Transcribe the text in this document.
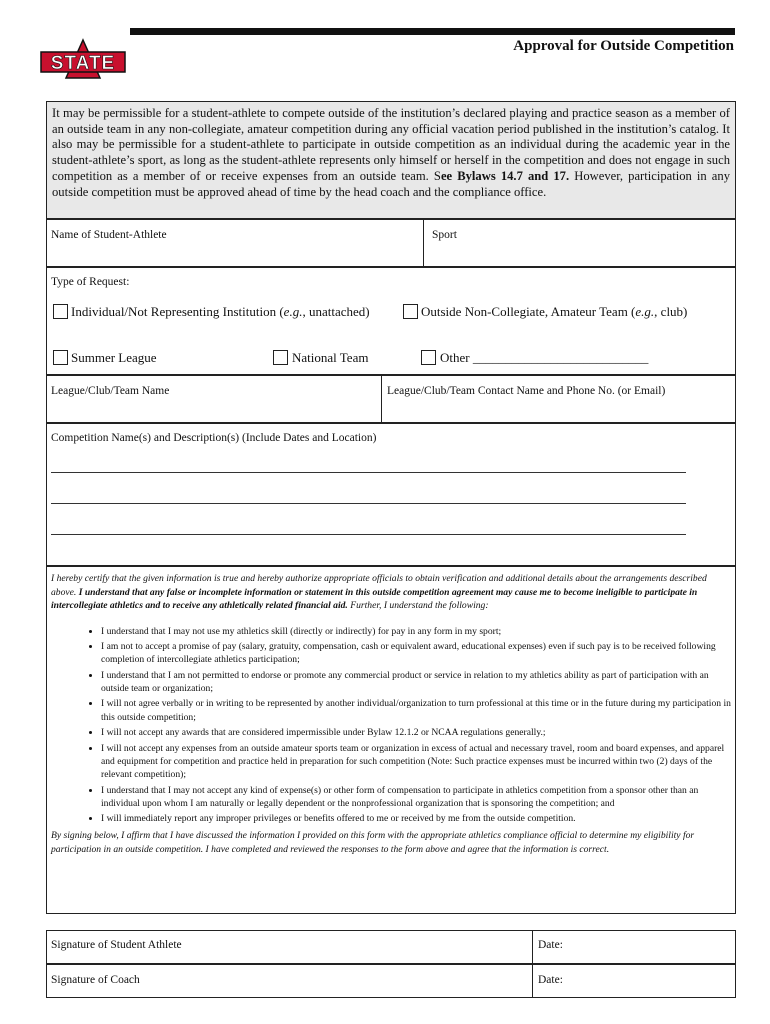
STATE
Approval for Outside Competition
It may be permissible for a student-athlete to compete outside of the institution’s declared playing and practice season as a member of an outside team in any non-collegiate, amateur competition during any official vacation period published in the institution’s catalog. It also may be permissible for a student-athlete to participate in outside competition as an individual during the academic year in the student-athlete’s sport, as long as the student-athlete represents only himself or herself in the competition and does not engage in such competition as a member of or receive expenses from an outside team. See Bylaws 14.7 and 17. However, participation in any outside competition must be approved ahead of time by the head coach and the compliance office.
Name of Student-Athlete	Sport
Type of Request:
Individual/Not Representing Institution (e.g., unattached)	Outside Non-Collegiate, Amateur Team (e.g., club)
Summer League	National Team	Other ___________________________
League/Club/Team Name	League/Club/Team Contact Name and Phone No. (or Email)
Competition Name(s) and Description(s) (Include Dates and Location)
I hereby certify that the given information is true and hereby authorize appropriate officials to obtain verification and additional details about the arrangements described above. I understand that any false or incomplete information or statement in this outside competition agreement may cause me to become ineligible to participate in intercollegiate athletics and to receive any athletically related financial aid. Further, I understand the following:
• I understand that I may not use my athletics skill (directly or indirectly) for pay in any form in my sport;
• I am not to accept a promise of pay (salary, gratuity, compensation, cash or equivalent award, educational expenses) even if such pay is to be received following completion of intercollegiate athletics participation;
• I understand that I am not permitted to endorse or promote any commercial product or service in relation to my athletics ability as part of participation with an outside team or organization;
• I will not agree verbally or in writing to be represented by another individual/organization to turn professional at this time or in the future during my participation in this outside competition;
• I will not accept any awards that are considered impermissible under Bylaw 12.1.2 or NCAA regulations generally.;
• I will not accept any expenses from an outside amateur sports team or organization in excess of actual and necessary travel, room and board expenses, and apparel and equipment for competition and practice held in preparation for such competition (Note: Such practice expenses must be incurred within two (2) days of the relevant competition);
• I understand that I may not accept any kind of expense(s) or other form of compensation to participate in athletics competition from a sponsor other than an individual upon whom I am naturally or legally dependent or the nonprofessional organization that is sponsoring the competition; and
• I will immediately report any improper privileges or benefits offered to me or received by me from the outside competition.
By signing below, I affirm that I have discussed the information I provided on this form with the appropriate athletics compliance official to determine my eligibility for participation in an outside competition. I have completed and reviewed the responses to the form above and agree that the information is correct.
Signature of Student Athlete	Date:
Signature of Coach	Date:
